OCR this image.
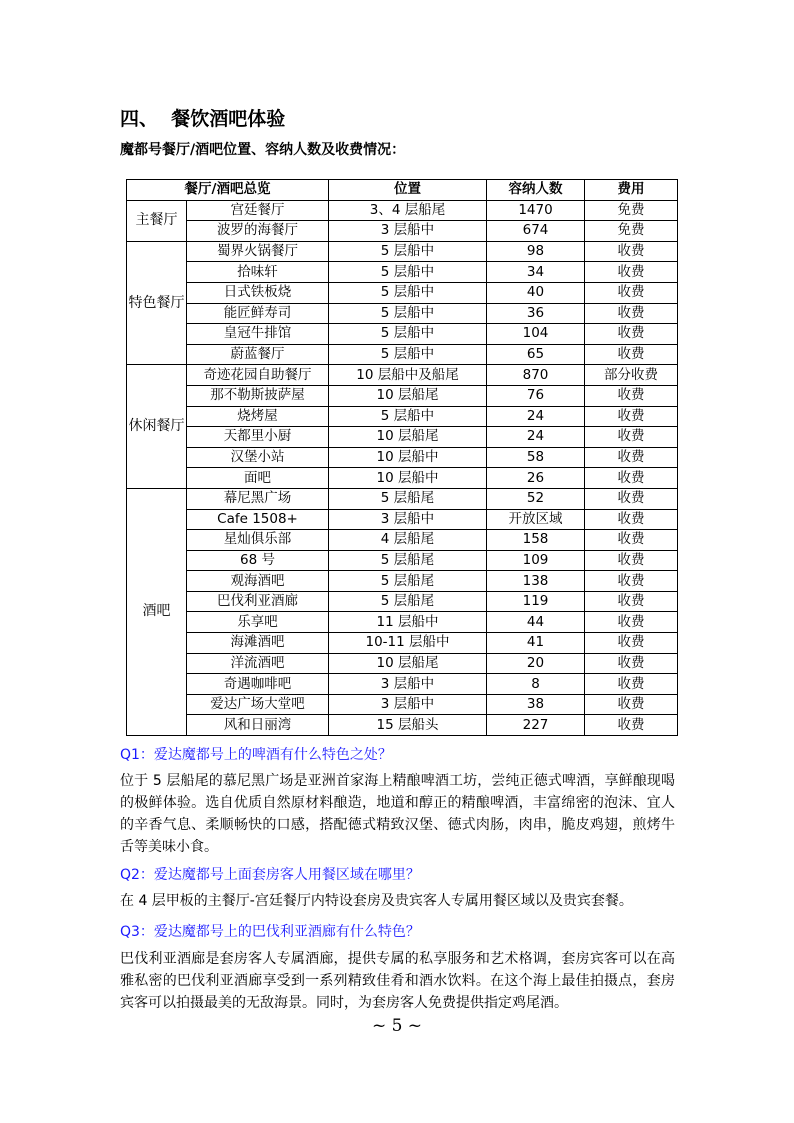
四、  餐饮酒吧体验
魔都号餐厅/酒吧位置、容纳人数及收费情况：
餐厅/酒吧总览		位置	容纳人数	费用
主餐厅	宫廷餐厅	3、4 层船尾	1470	免费
	波罗的海餐厅	3 层船中	674	免费
特色餐厅	蜀界火锅餐厅	5 层船中	98	收费
	拾味轩	5 层船中	34	收费
	日式铁板烧	5 层船中	40	收费
	能匠鲜寿司	5 层船中	36	收费
	皇冠牛排馆	5 层船中	104	收费
	蔚蓝餐厅	5 层船中	65	收费
休闲餐厅	奇迹花园自助餐厅	10 层船中及船尾	870	部分收费
	那不勒斯披萨屋	10 层船尾	76	收费
	烧烤屋	5 层船中	24	收费
	天都里小厨	10 层船尾	24	收费
	汉堡小站	10 层船中	58	收费
	面吧	10 层船中	26	收费
酒吧	幕尼黑广场	5 层船尾	52	收费
	Cafe 1508+	3 层船中	开放区域	收费
	星灿俱乐部	4 层船尾	158	收费
	68 号	5 层船尾	109	收费
	观海酒吧	5 层船尾	138	收费
	巴伐利亚酒廊	5 层船尾	119	收费
	乐享吧	11 层船中	44	收费
	海滩酒吧	10-11 层船中	41	收费
	洋流酒吧	10 层船尾	20	收费
	奇遇咖啡吧	3 层船中	8	收费
	爱达广场大堂吧	3 层船中	38	收费
	风和日丽湾	15 层船头	227	收费
Q1：爱达魔都号上的啤酒有什么特色之处？
位于 5 层船尾的慕尼黑广场是亚洲首家海上精酿啤酒工坊，尝纯正德式啤酒，享鲜酿现喝的极鲜体验。选自优质自然原材料酿造，地道和醇正的精酿啤酒，丰富绵密的泡沫、宜人的辛香气息、柔顺畅快的口感，搭配德式精致汉堡、德式肉肠，肉串，脆皮鸡翅，煎烤牛舌等美味小食。
Q2：爱达魔都号上面套房客人用餐区域在哪里？
在 4 层甲板的主餐厅-宫廷餐厅内特设套房及贵宾客人专属用餐区域以及贵宾套餐。
Q3：爱达魔都号上的巴伐利亚酒廊有什么特色？
巴伐利亚酒廊是套房客人专属酒廊，提供专属的私享服务和艺术格调，套房宾客可以在高雅私密的巴伐利亚酒廊享受到一系列精致佳肴和酒水饮料。在这个海上最佳拍摄点，套房宾客可以拍摄最美的无敌海景。同时，为套房客人免费提供指定鸡尾酒。
~ 5 ~
